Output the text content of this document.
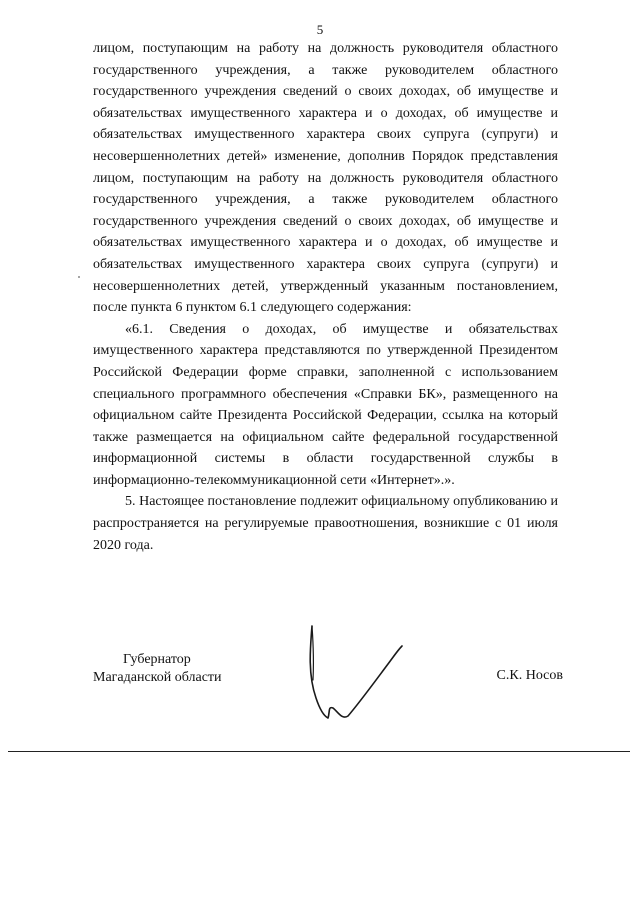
5

лицом, поступающим на работу на должность руководителя областного государственного учреждения, а также руководителем областного государственного учреждения сведений о своих доходах, об имуществе и обязательствах имущественного характера и о доходах, об имуществе и обязательствах имущественного характера своих супруга (супруги) и несовершеннолетних детей» изменение, дополнив Порядок представления лицом, поступающим на работу на должность руководителя областного государственного учреждения, а также руководителем областного государственного учреждения сведений о своих доходах, об имуществе и обязательствах имущественного характера и о доходах, об имуществе и обязательствах имущественного характера своих супруга (супруги) и несовершеннолетних детей, утвержденный указанным постановлением, после пункта 6 пунктом 6.1 следующего содержания:

«6.1. Сведения о доходах, об имуществе и обязательствах имущественного характера представляются по утвержденной Президентом Российской Федерации форме справки, заполненной с использованием специального программного обеспечения «Справки БК», размещенного на официальном сайте Президента Российской Федерации, ссылка на который также размещается на официальном сайте федеральной государственной информационной системы в области государственной службы в информационно-телекоммуникационной сети «Интернет».».

5. Настоящее постановление подлежит официальному опубликованию и распространяется на регулируемые правоотношения, возникшие с 01 июля 2020 года.

Губернатор
Магаданской области	С.К. Носов
